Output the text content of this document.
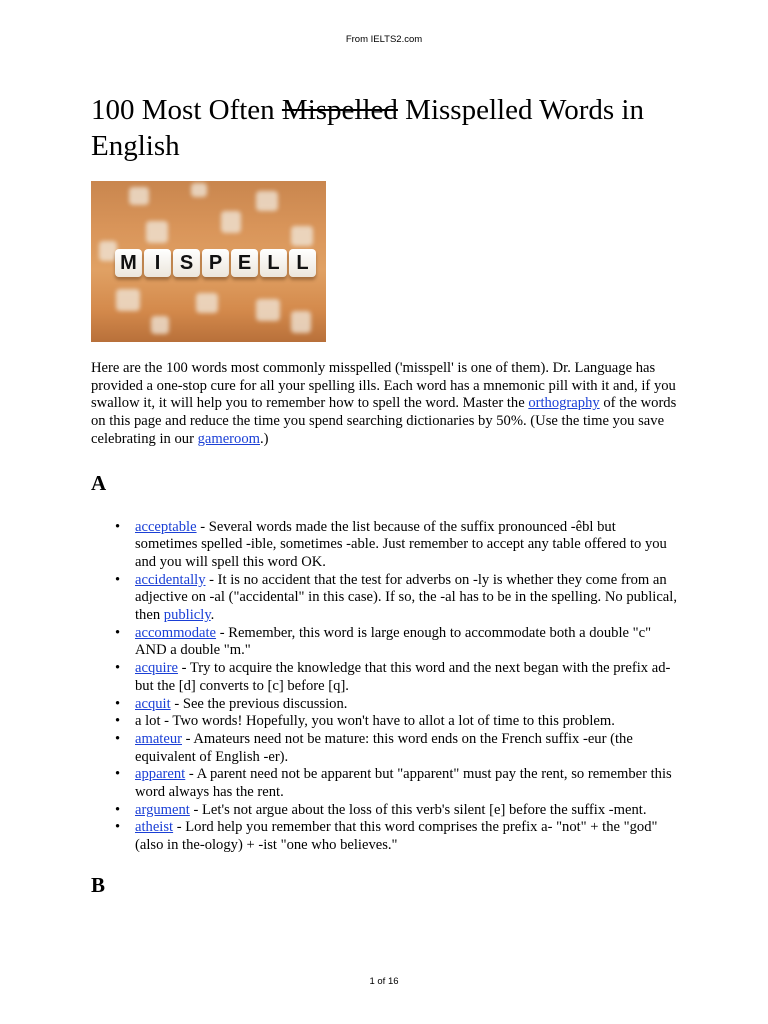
From IELTS2.com
100 Most Often Mispelled Misspelled Words in English
M I S P E L L

Here are the 100 words most commonly misspelled ('misspell' is one of them). Dr. Language has provided a one-stop cure for all your spelling ills. Each word has a mnemonic pill with it and, if you swallow it, it will help you to remember how to spell the word. Master the orthography of the words on this page and reduce the time you spend searching dictionaries by 50%. (Use the time you save celebrating in our gameroom.)

A
• acceptable - Several words made the list because of the suffix pronounced -êbl but sometimes spelled -ible, sometimes -able. Just remember to accept any table offered to you and you will spell this word OK.
• accidentally - It is no accident that the test for adverbs on -ly is whether they come from an adjective on -al ("accidental" in this case). If so, the -al has to be in the spelling. No publical, then publicly.
• accommodate - Remember, this word is large enough to accommodate both a double "c" AND a double "m."
• acquire - Try to acquire the knowledge that this word and the next began with the prefix ad- but the [d] converts to [c] before [q].
• acquit - See the previous discussion.
• a lot - Two words! Hopefully, you won't have to allot a lot of time to this problem.
• amateur - Amateurs need not be mature: this word ends on the French suffix -eur (the equivalent of English -er).
• apparent - A parent need not be apparent but "apparent" must pay the rent, so remember this word always has the rent.
• argument - Let's not argue about the loss of this verb's silent [e] before the suffix -ment.
• atheist - Lord help you remember that this word comprises the prefix a- "not" + the "god" (also in the-ology) + -ist "one who believes."
B
1 of 16
